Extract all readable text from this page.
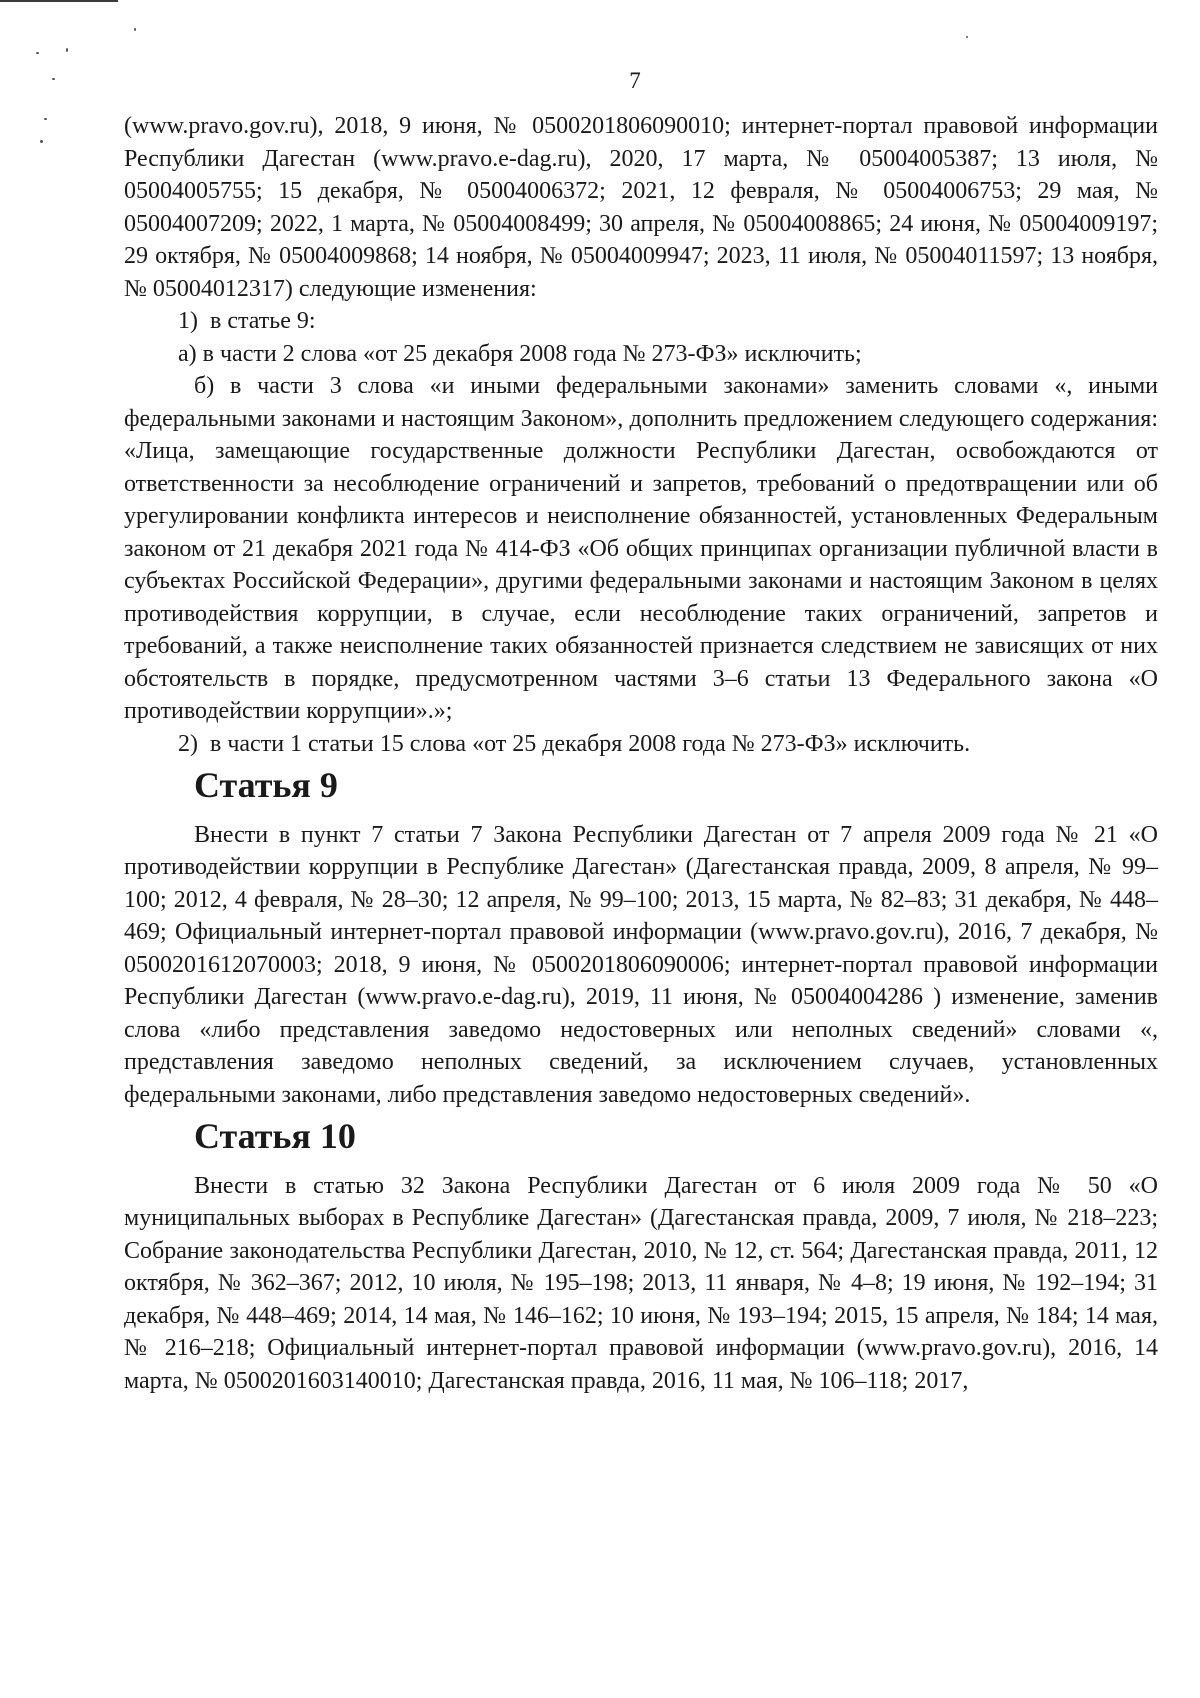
7

(www.pravo.gov.ru), 2018, 9 июня, № 0500201806090010; интернет-портал правовой информации Республики Дагестан (www.pravo.e-dag.ru), 2020, 17 марта, № 05004005387; 13 июля, № 05004005755; 15 декабря, № 05004006372; 2021, 12 февраля, № 05004006753; 29 мая, № 05004007209; 2022, 1 марта, № 05004008499; 30 апреля, № 05004008865; 24 июня, № 05004009197; 29 октября, № 05004009868; 14 ноября, № 05004009947; 2023, 11 июля, № 05004011597; 13 ноября, № 05004012317) следующие изменения:

1)  в статье 9:

а) в части 2 слова «от 25 декабря 2008 года № 273-ФЗ» исключить;

б) в части 3 слова «и иными федеральными законами» заменить словами «, иными федеральными законами и настоящим Законом», дополнить предложением следующего содержания: «Лица, замещающие государственные должности Республики Дагестан, освобождаются от ответственности за несоблюдение ограничений и запретов, требований о предотвращении или об урегулировании конфликта интересов и неисполнение обязанностей, установленных Федеральным законом от 21 декабря 2021 года № 414-ФЗ «Об общих принципах организации публичной власти в субъектах Российской Федерации», другими федеральными законами и настоящим Законом в целях противодействия коррупции, в случае, если несоблюдение таких ограничений, запретов и требований, а также неисполнение таких обязанностей признается следствием не зависящих от них обстоятельств в порядке, предусмотренном частями 3–6 статьи 13 Федерального закона «О противодействии коррупции».»;

2)  в части 1 статьи 15 слова «от 25 декабря 2008 года № 273-ФЗ» исключить.

Статья 9

Внести в пункт 7 статьи 7 Закона Республики Дагестан от 7 апреля 2009 года № 21 «О противодействии коррупции в Республике Дагестан» (Дагестанская правда, 2009, 8 апреля, № 99–100; 2012, 4 февраля, № 28–30; 12 апреля, № 99–100; 2013, 15 марта, № 82–83; 31 декабря, № 448–469; Официальный интернет-портал правовой информации (www.pravo.gov.ru), 2016, 7 декабря, № 0500201612070003; 2018, 9 июня, № 0500201806090006; интернет-портал правовой информации Республики Дагестан (www.pravo.e-dag.ru), 2019, 11 июня, № 05004004286 ) изменение, заменив слова «либо представления заведомо недостоверных или неполных сведений» словами «, представления заведомо неполных сведений, за исключением случаев, установленных федеральными законами, либо представления заведомо недостоверных сведений».

Статья 10

Внести в статью 32 Закона Республики Дагестан от 6 июля 2009 года № 50 «О муниципальных выборах в Республике Дагестан» (Дагестанская правда, 2009, 7 июля, № 218–223; Собрание законодательства Республики Дагестан, 2010, № 12, ст. 564; Дагестанская правда, 2011, 12 октября, № 362–367; 2012, 10 июля, № 195–198; 2013, 11 января, № 4–8; 19 июня, № 192–194; 31 декабря, № 448–469; 2014, 14 мая, № 146–162; 10 июня, № 193–194; 2015, 15 апреля, № 184; 14 мая, № 216–218; Официальный интернет-портал правовой информации (www.pravo.gov.ru), 2016, 14 марта, № 0500201603140010; Дагестанская правда, 2016, 11 мая, № 106–118; 2017,
